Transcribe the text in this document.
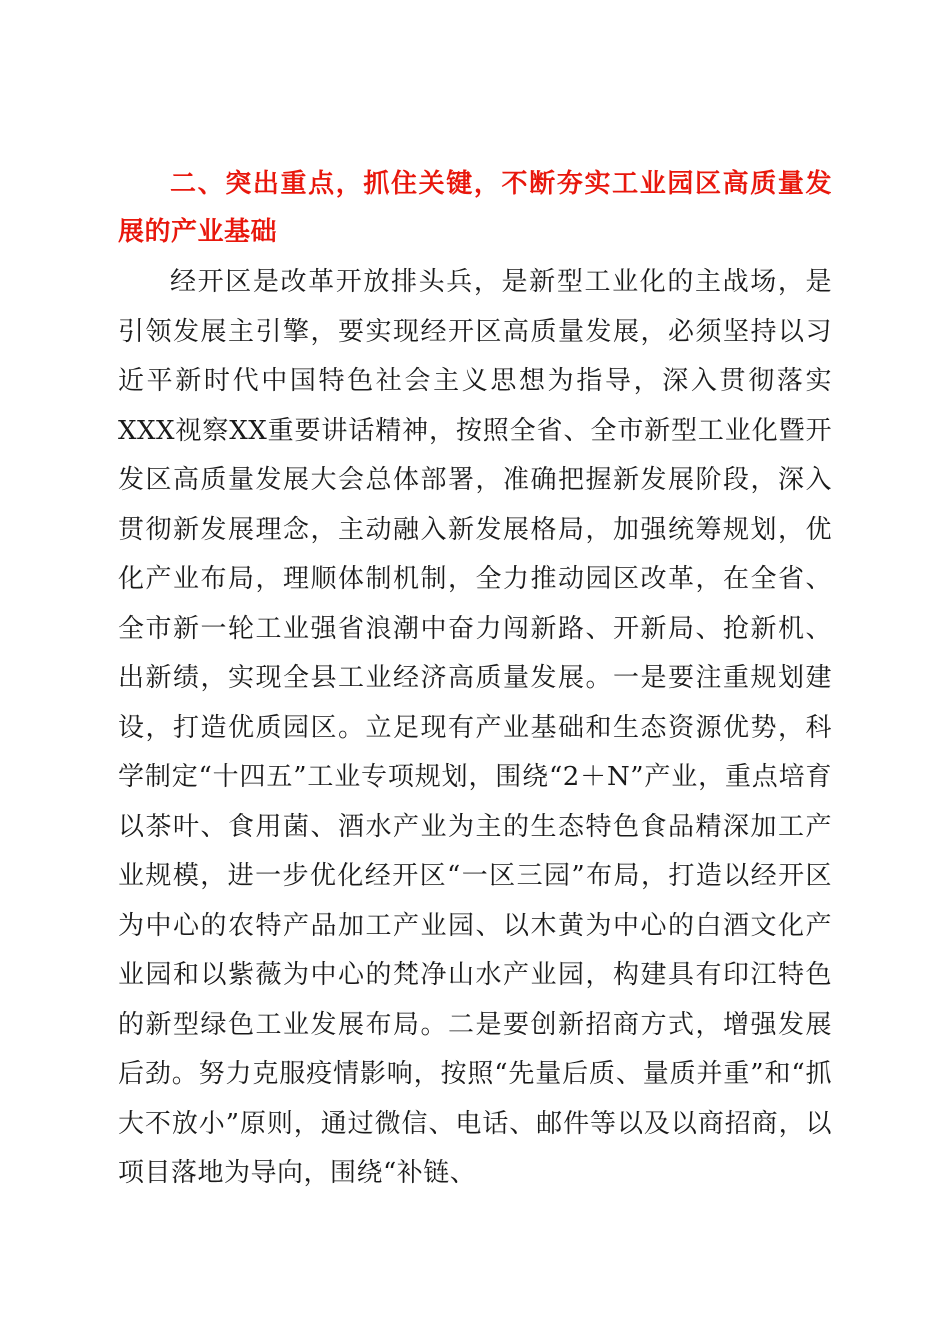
二、突出重点，抓住关键，不断夯实工业园区高质量发展的产业基础

经开区是改革开放排头兵，是新型工业化的主战场，是引领发展主引擎，要实现经开区高质量发展，必须坚持以习近平新时代中国特色社会主义思想为指导，深入贯彻落实XXX视察XX重要讲话精神，按照全省、全市新型工业化暨开发区高质量发展大会总体部署，准确把握新发展阶段，深入贯彻新发展理念，主动融入新发展格局，加强统筹规划，优化产业布局，理顺体制机制，全力推动园区改革，在全省、全市新一轮工业强省浪潮中奋力闯新路、开新局、抢新机、出新绩，实现全县工业经济高质量发展。一是要注重规划建设，打造优质园区。立足现有产业基础和生态资源优势，科学制定“十四五”工业专项规划，围绕“2＋N”产业，重点培育以茶叶、食用菌、酒水产业为主的生态特色食品精深加工产业规模，进一步优化经开区“一区三园”布局，打造以经开区为中心的农特产品加工产业园、以木黄为中心的白酒文化产业园和以紫薇为中心的梵净山水产业园，构建具有印江特色的新型绿色工业发展布局。二是要创新招商方式，增强发展后劲。努力克服疫情影响，按照“先量后质、量质并重”和“抓大不放小”原则，通过微信、电话、邮件等以及以商招商，以项目落地为导向，围绕“补链、
